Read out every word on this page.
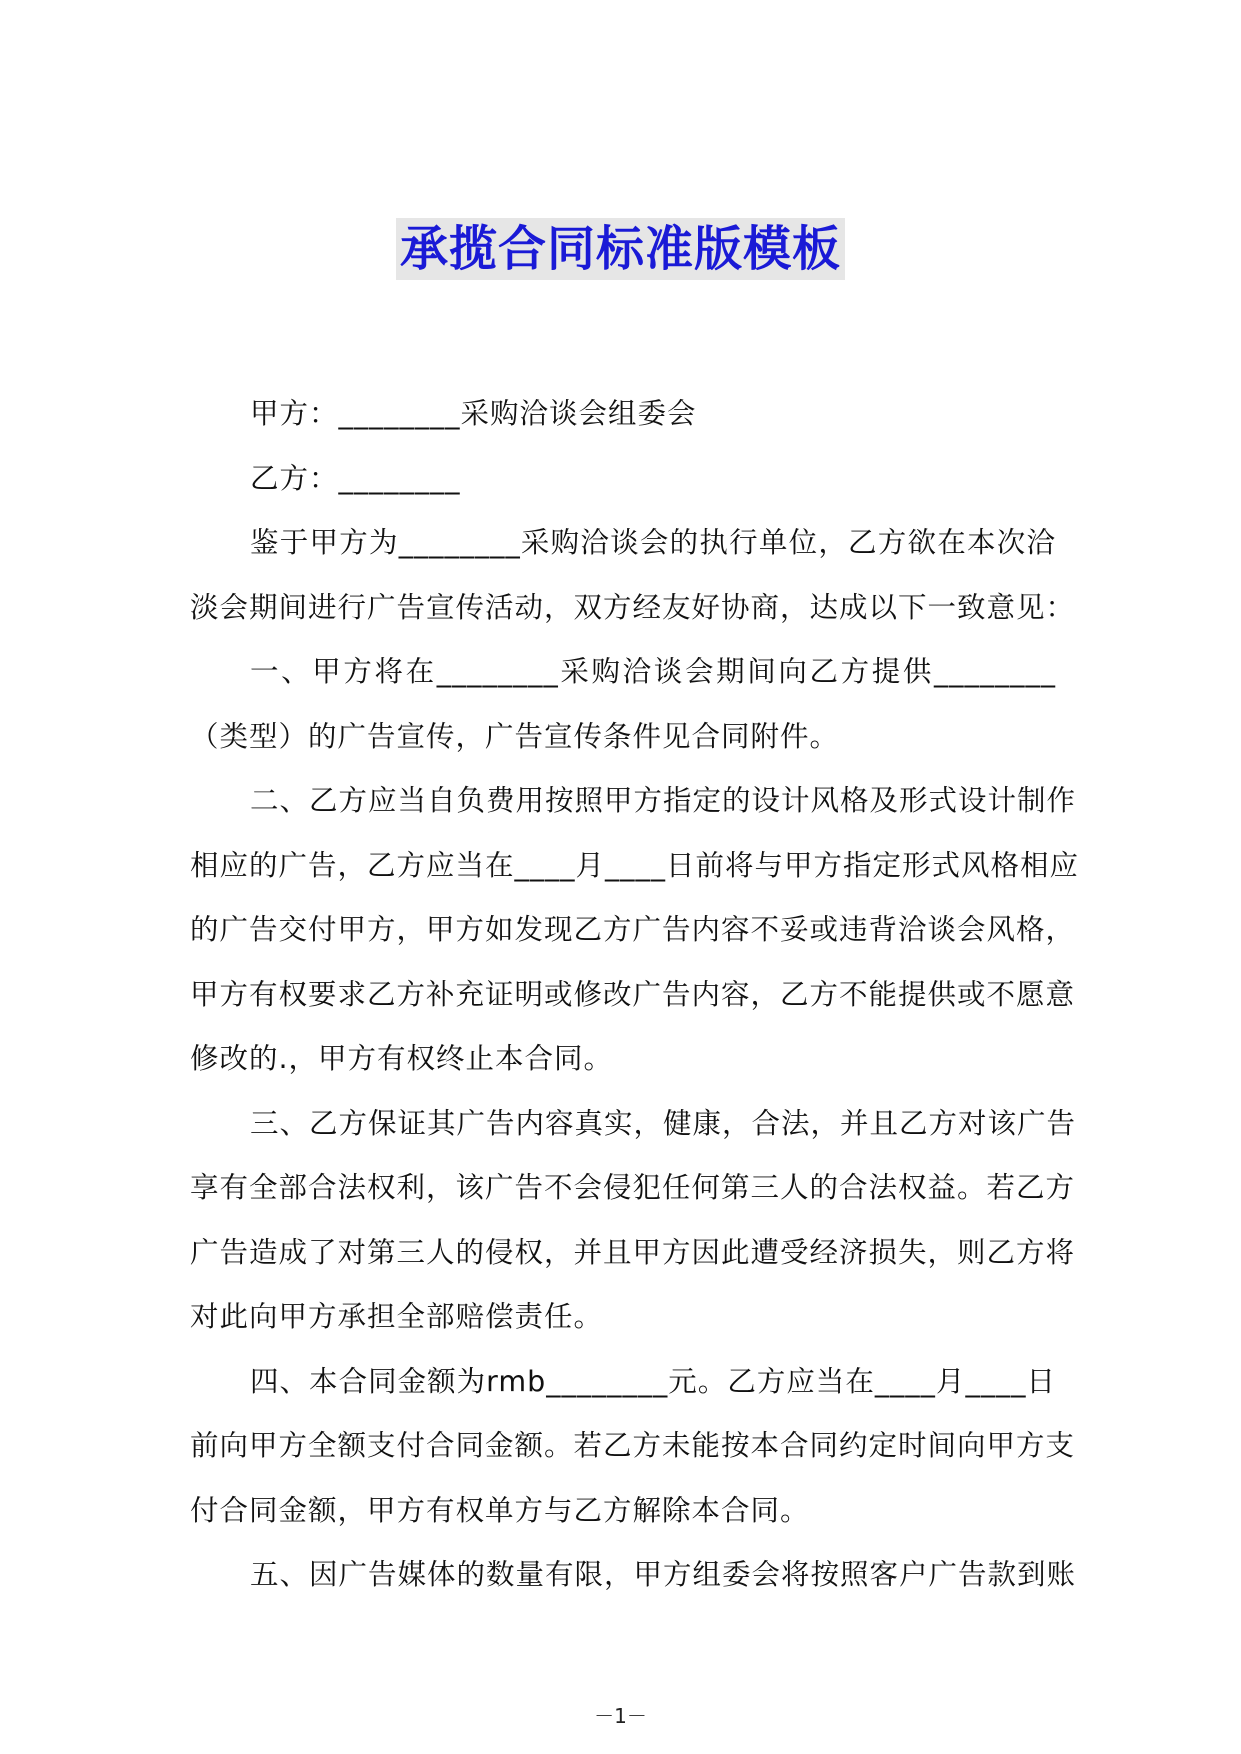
承揽合同标准版模板
甲方：________采购洽谈会组委会
乙方：________
鉴于甲方为________采购洽谈会的执行单位，乙方欲在本次洽
淡会期间进行广告宣传活动，双方经友好协商，达成以下一致意见：
一、甲方将在________采购洽谈会期间向乙方提供________
（类型）的广告宣传，广告宣传条件见合同附件。
二、乙方应当自负费用按照甲方指定的设计风格及形式设计制作
相应的广告，乙方应当在____月____日前将与甲方指定形式风格相应
的广告交付甲方，甲方如发现乙方广告内容不妥或违背洽谈会风格，
甲方有权要求乙方补充证明或修改广告内容，乙方不能提供或不愿意
修改的.，甲方有权终止本合同。
三、乙方保证其广告内容真实，健康，合法，并且乙方对该广告
享有全部合法权利，该广告不会侵犯任何第三人的合法权益。若乙方
广告造成了对第三人的侵权，并且甲方因此遭受经济损失，则乙方将
对此向甲方承担全部赔偿责任。
四、本合同金额为rmb________元。乙方应当在____月____日
前向甲方全额支付合同金额。若乙方未能按本合同约定时间向甲方支
付合同金额，甲方有权单方与乙方解除本合同。
五、因广告媒体的数量有限，甲方组委会将按照客户广告款到账
－1－
